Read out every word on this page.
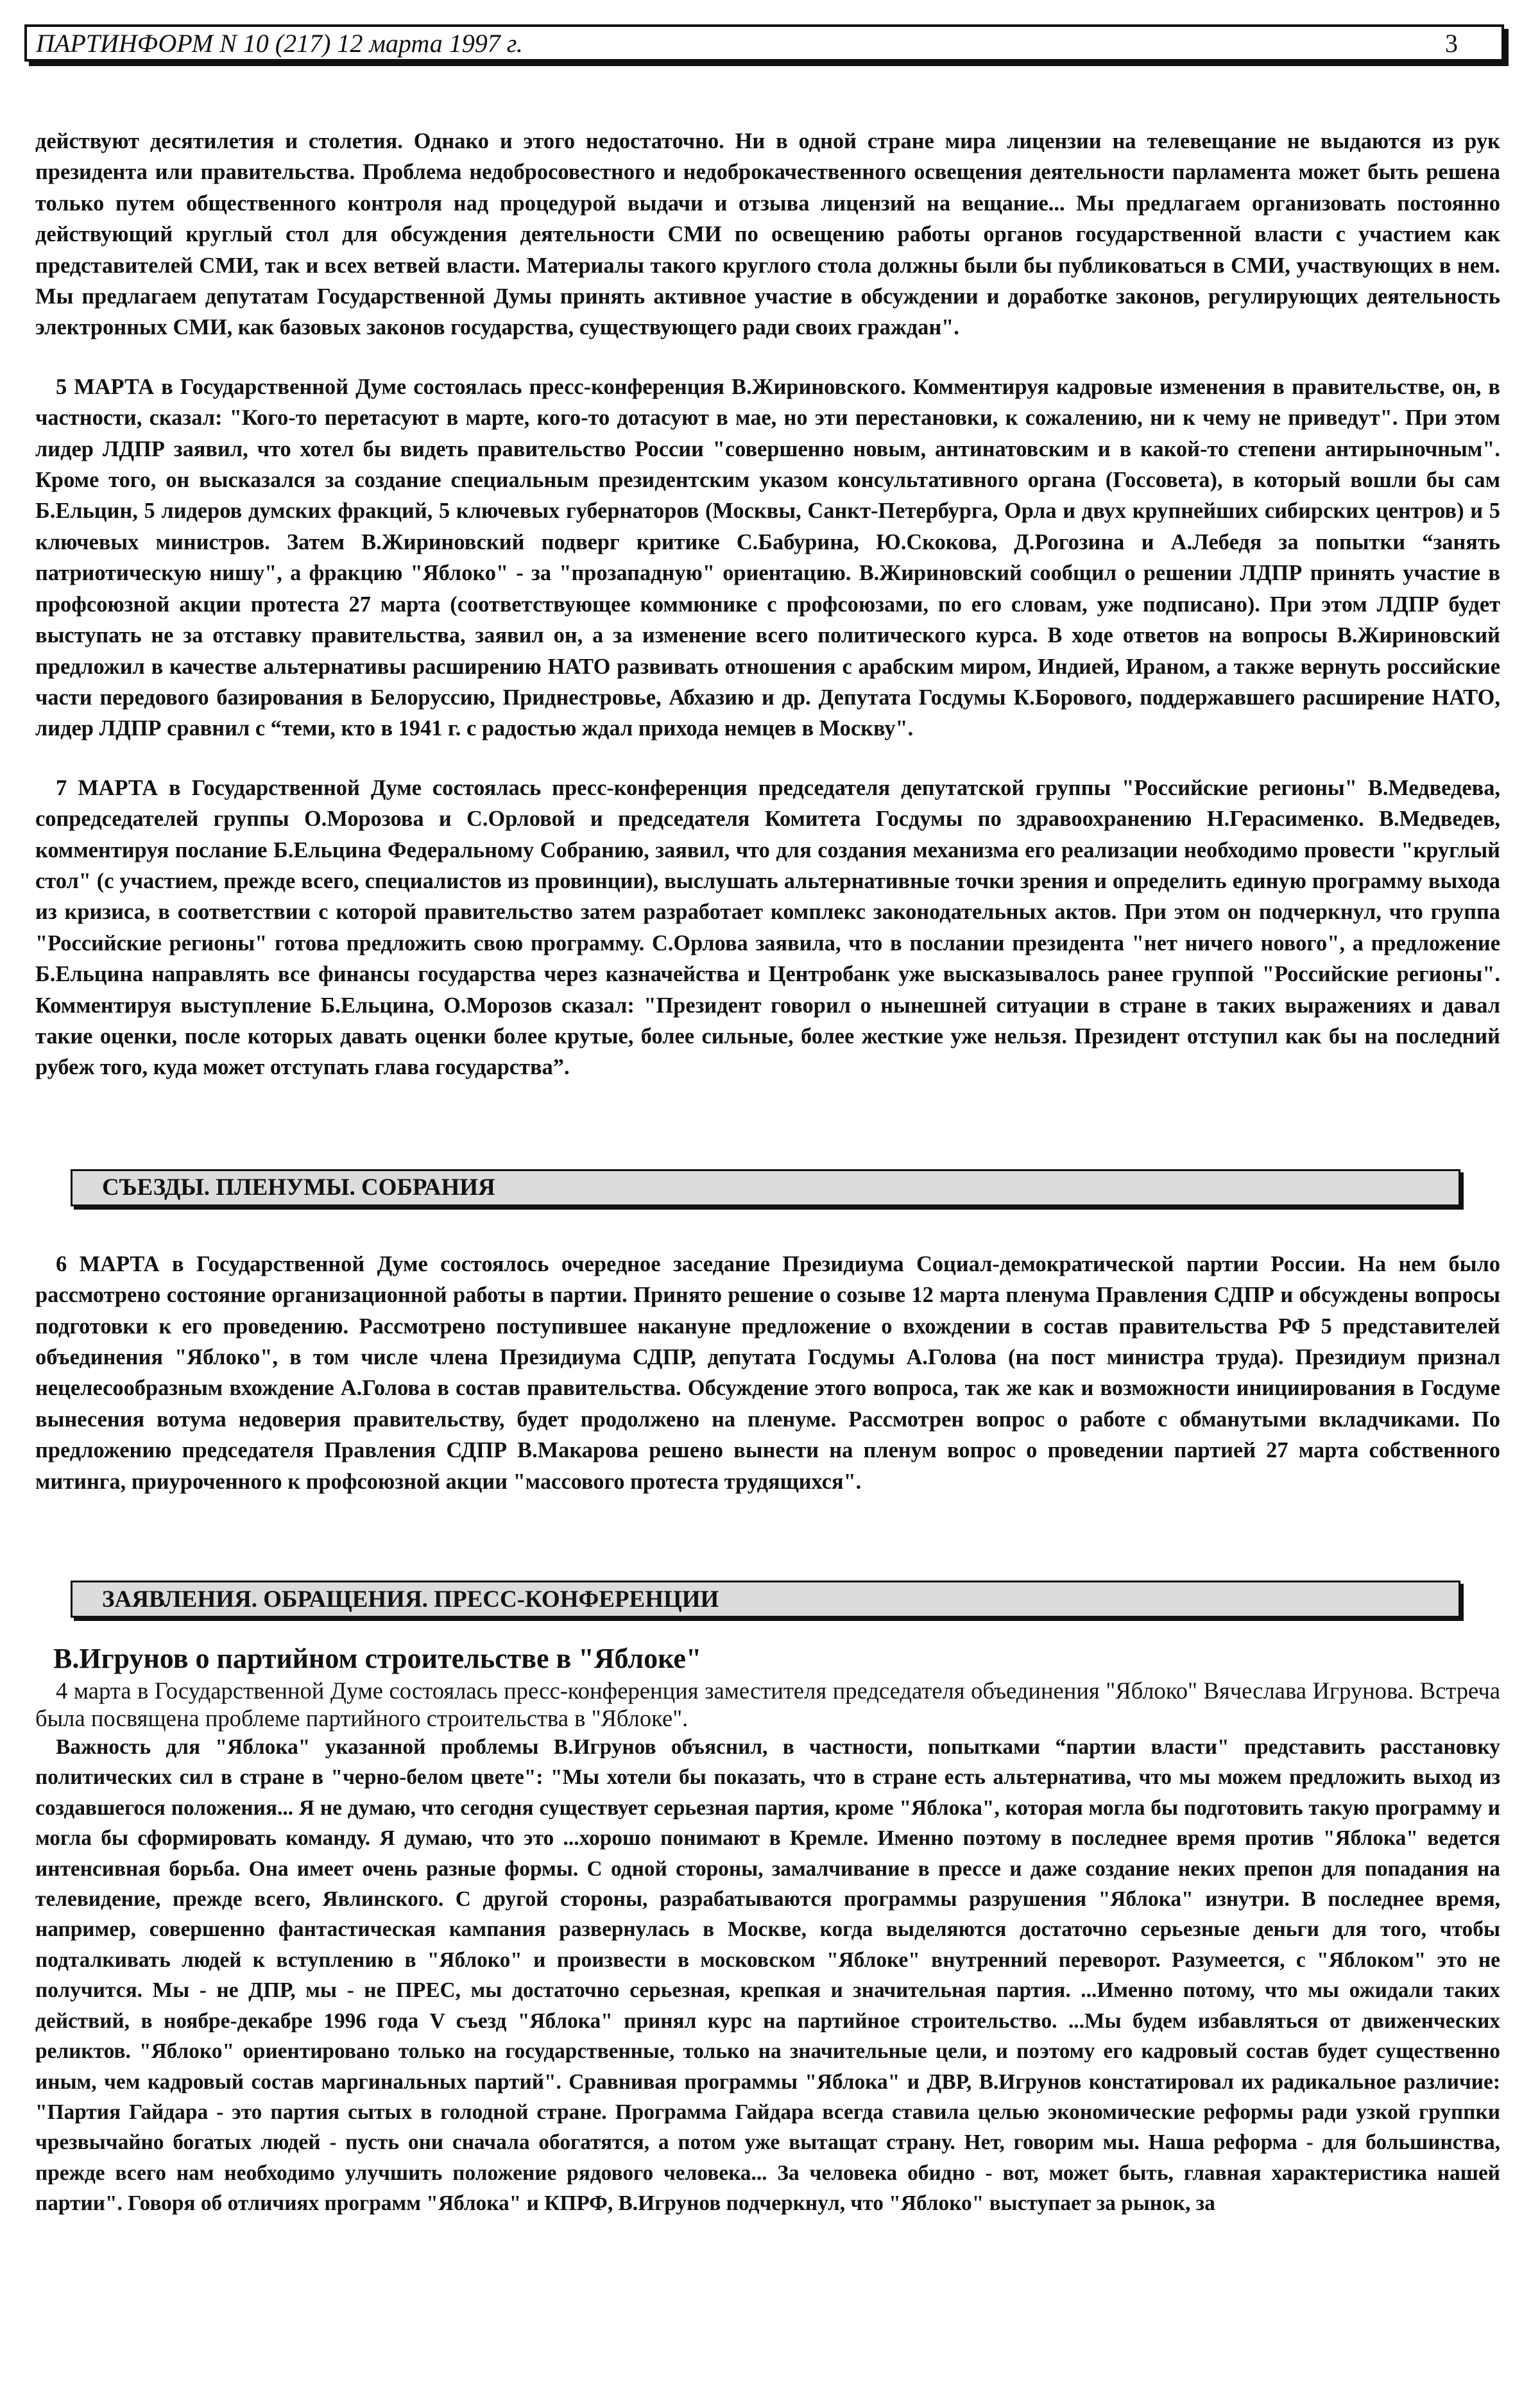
ПАРТИНФОРМ N 10 (217) 12 марта 1997 г.	3

действуют десятилетия и столетия. Однако и этого недостаточно. Ни в одной стране мира лицензии на телевещание не выдаются из рук президента или правительства. Проблема недобросовестного и недоброкачественного освещения деятельности парламента может быть решена только путем общественного контроля над процедурой выдачи и отзыва лицензий на вещание... Мы предлагаем организовать постоянно действующий круглый стол для обсуждения деятельности СМИ по освещению работы органов государственной власти с участием как представителей СМИ, так и всех ветвей власти. Материалы такого круглого стола должны были бы публиковаться в СМИ, участвующих в нем. Мы предлагаем депутатам Государственной Думы принять активное участие в обсуждении и доработке законов, регулирующих деятельность электронных СМИ, как базовых законов государства, существующего ради своих граждан".

5 МАРТА в Государственной Думе состоялась пресс-конференция В.Жириновского. Комментируя кадровые изменения в правительстве, он, в частности, сказал: "Кого-то перетасуют в марте, кого-то дотасуют в мае, но эти перестановки, к сожалению, ни к чему не приведут". При этом лидер ЛДПР заявил, что хотел бы видеть правительство России "совершенно новым, антинатовским и в какой-то степени антирыночным". Кроме того, он высказался за создание специальным президентским указом консультативного органа (Госсовета), в который вошли бы сам Б.Ельцин, 5 лидеров думских фракций, 5 ключевых губернаторов (Москвы, Санкт-Петербурга, Орла и двух крупнейших сибирских центров) и 5 ключевых министров. Затем В.Жириновский подверг критике С.Бабурина, Ю.Скокова, Д.Рогозина и А.Лебедя за попытки “занять патриотическую нишу", а фракцию "Яблоко" - за "прозападную" ориентацию. В.Жириновский сообщил о решении ЛДПР принять участие в профсоюзной акции протеста 27 марта (соответствующее коммюнике с профсоюзами, по его словам, уже подписано). При этом ЛДПР будет выступать не за отставку правительства, заявил он, а за изменение всего политического курса. В ходе ответов на вопросы В.Жириновский предложил в качестве альтернативы расширению НАТО развивать отношения с арабским миром, Индией, Ираном, а также вернуть российские части передового базирования в Белоруссию, Приднестровье, Абхазию и др. Депутата Госдумы К.Борового, поддержавшего расширение НАТО, лидер ЛДПР сравнил с “теми, кто в 1941 г. с радостью ждал прихода немцев в Москву".

7 МАРТА в Государственной Думе состоялась пресс-конференция председателя депутатской группы "Российские регионы" В.Медведева, сопредседателей группы О.Морозова и С.Орловой и председателя Комитета Госдумы по здравоохранению Н.Герасименко. В.Медведев, комментируя послание Б.Ельцина Федеральному Собранию, заявил, что для создания механизма его реализации необходимо провести "круглый стол" (с участием, прежде всего, специалистов из провинции), выслушать альтернативные точки зрения и определить единую программу выхода из кризиса, в соответствии с которой правительство затем разработает комплекс законодательных актов. При этом он подчеркнул, что группа "Российские регионы" готова предложить свою программу. С.Орлова заявила, что в послании президента "нет ничего нового", а предложение Б.Ельцина направлять все финансы государства через казначейства и Центробанк уже высказывалось ранее группой "Российские регионы". Комментируя выступление Б.Ельцина, О.Морозов сказал: "Президент говорил о нынешней ситуации в стране в таких выражениях и давал такие оценки, после которых давать оценки более крутые, более сильные, более жесткие уже нельзя. Президент отступил как бы на последний рубеж того, куда может отступать глава государства”.

СЪЕЗДЫ. ПЛЕНУМЫ. СОБРАНИЯ

6 МАРТА в Государственной Думе состоялось очередное заседание Президиума Социал-демократической партии России. На нем было рассмотрено состояние организационной работы в партии. Принято решение о созыве 12 марта пленума Правления СДПР и обсуждены вопросы подготовки к его проведению. Рассмотрено поступившее накануне предложение о вхождении в состав правительства РФ 5 представителей объединения "Яблоко", в том числе члена Президиума СДПР, депутата Госдумы А.Голова (на пост министра труда). Президиум признал нецелесообразным вхождение А.Голова в состав правительства. Обсуждение этого вопроса, так же как и возможности инициирования в Госдуме вынесения вотума недоверия правительству, будет продолжено на пленуме. Рассмотрен вопрос о работе с обманутыми вкладчиками. По предложению председателя Правления СДПР В.Макарова решено вынести на пленум вопрос о проведении партией 27 марта собственного митинга, приуроченного к профсоюзной акции "массового протеста трудящихся".

ЗАЯВЛЕНИЯ. ОБРАЩЕНИЯ. ПРЕСС-КОНФЕРЕНЦИИ
В.Игрунов о партийном строительстве в "Яблоке"

4 марта в Государственной Думе состоялась пресс-конференция заместителя председателя объединения "Яблоко" Вячеслава Игрунова. Встреча была посвящена проблеме партийного строительства в "Яблоке".

Важность для "Яблока" указанной проблемы В.Игрунов объяснил, в частности, попытками “партии власти" представить расстановку политических сил в стране в "черно-белом цвете": "Мы хотели бы показать, что в стране есть альтернатива, что мы можем предложить выход из создавшегося положения... Я не думаю, что сегодня существует серьезная партия, кроме "Яблока", которая могла бы подготовить такую программу и могла бы сформировать команду. Я думаю, что это ...хорошо понимают в Кремле. Именно поэтому в последнее время против "Яблока" ведется интенсивная борьба. Она имеет очень разные формы. С одной стороны, замалчивание в прессе и даже создание неких препон для попадания на телевидение, прежде всего, Явлинского. С другой стороны, разрабатываются программы разрушения "Яблока" изнутри. В последнее время, например, совершенно фантастическая кампания развернулась в Москве, когда выделяются достаточно серьезные деньги для того, чтобы подталкивать людей к вступлению в "Яблоко" и произвести в московском "Яблоке" внутренний переворот. Разумеется, с "Яблоком" это не получится. Мы - не ДПР, мы - не ПРЕС, мы достаточно серьезная, крепкая и значительная партия. ...Именно потому, что мы ожидали таких действий, в ноябре-декабре 1996 года V съезд "Яблока" принял курс на партийное строительство. ...Мы будем избавляться от движенческих реликтов. "Яблоко" ориентировано только на государственные, только на значительные цели, и поэтому его кадровый состав будет существенно иным, чем кадровый состав маргинальных партий". Сравнивая программы "Яблока" и ДВР, В.Игрунов констатировал их радикальное различие: "Партия Гайдара - это партия сытых в голодной стране. Программа Гайдара всегда ставила целью экономические реформы ради узкой группки чрезвычайно богатых людей - пусть они сначала обогатятся, а потом уже вытащат страну. Нет, говорим мы. Наша реформа - для большинства, прежде всего нам необходимо улучшить положение рядового человека... За человека обидно - вот, может быть, главная характеристика нашей партии". Говоря об отличиях программ "Яблока" и КПРФ, В.Игрунов подчеркнул, что "Яблоко" выступает за рынок, за
